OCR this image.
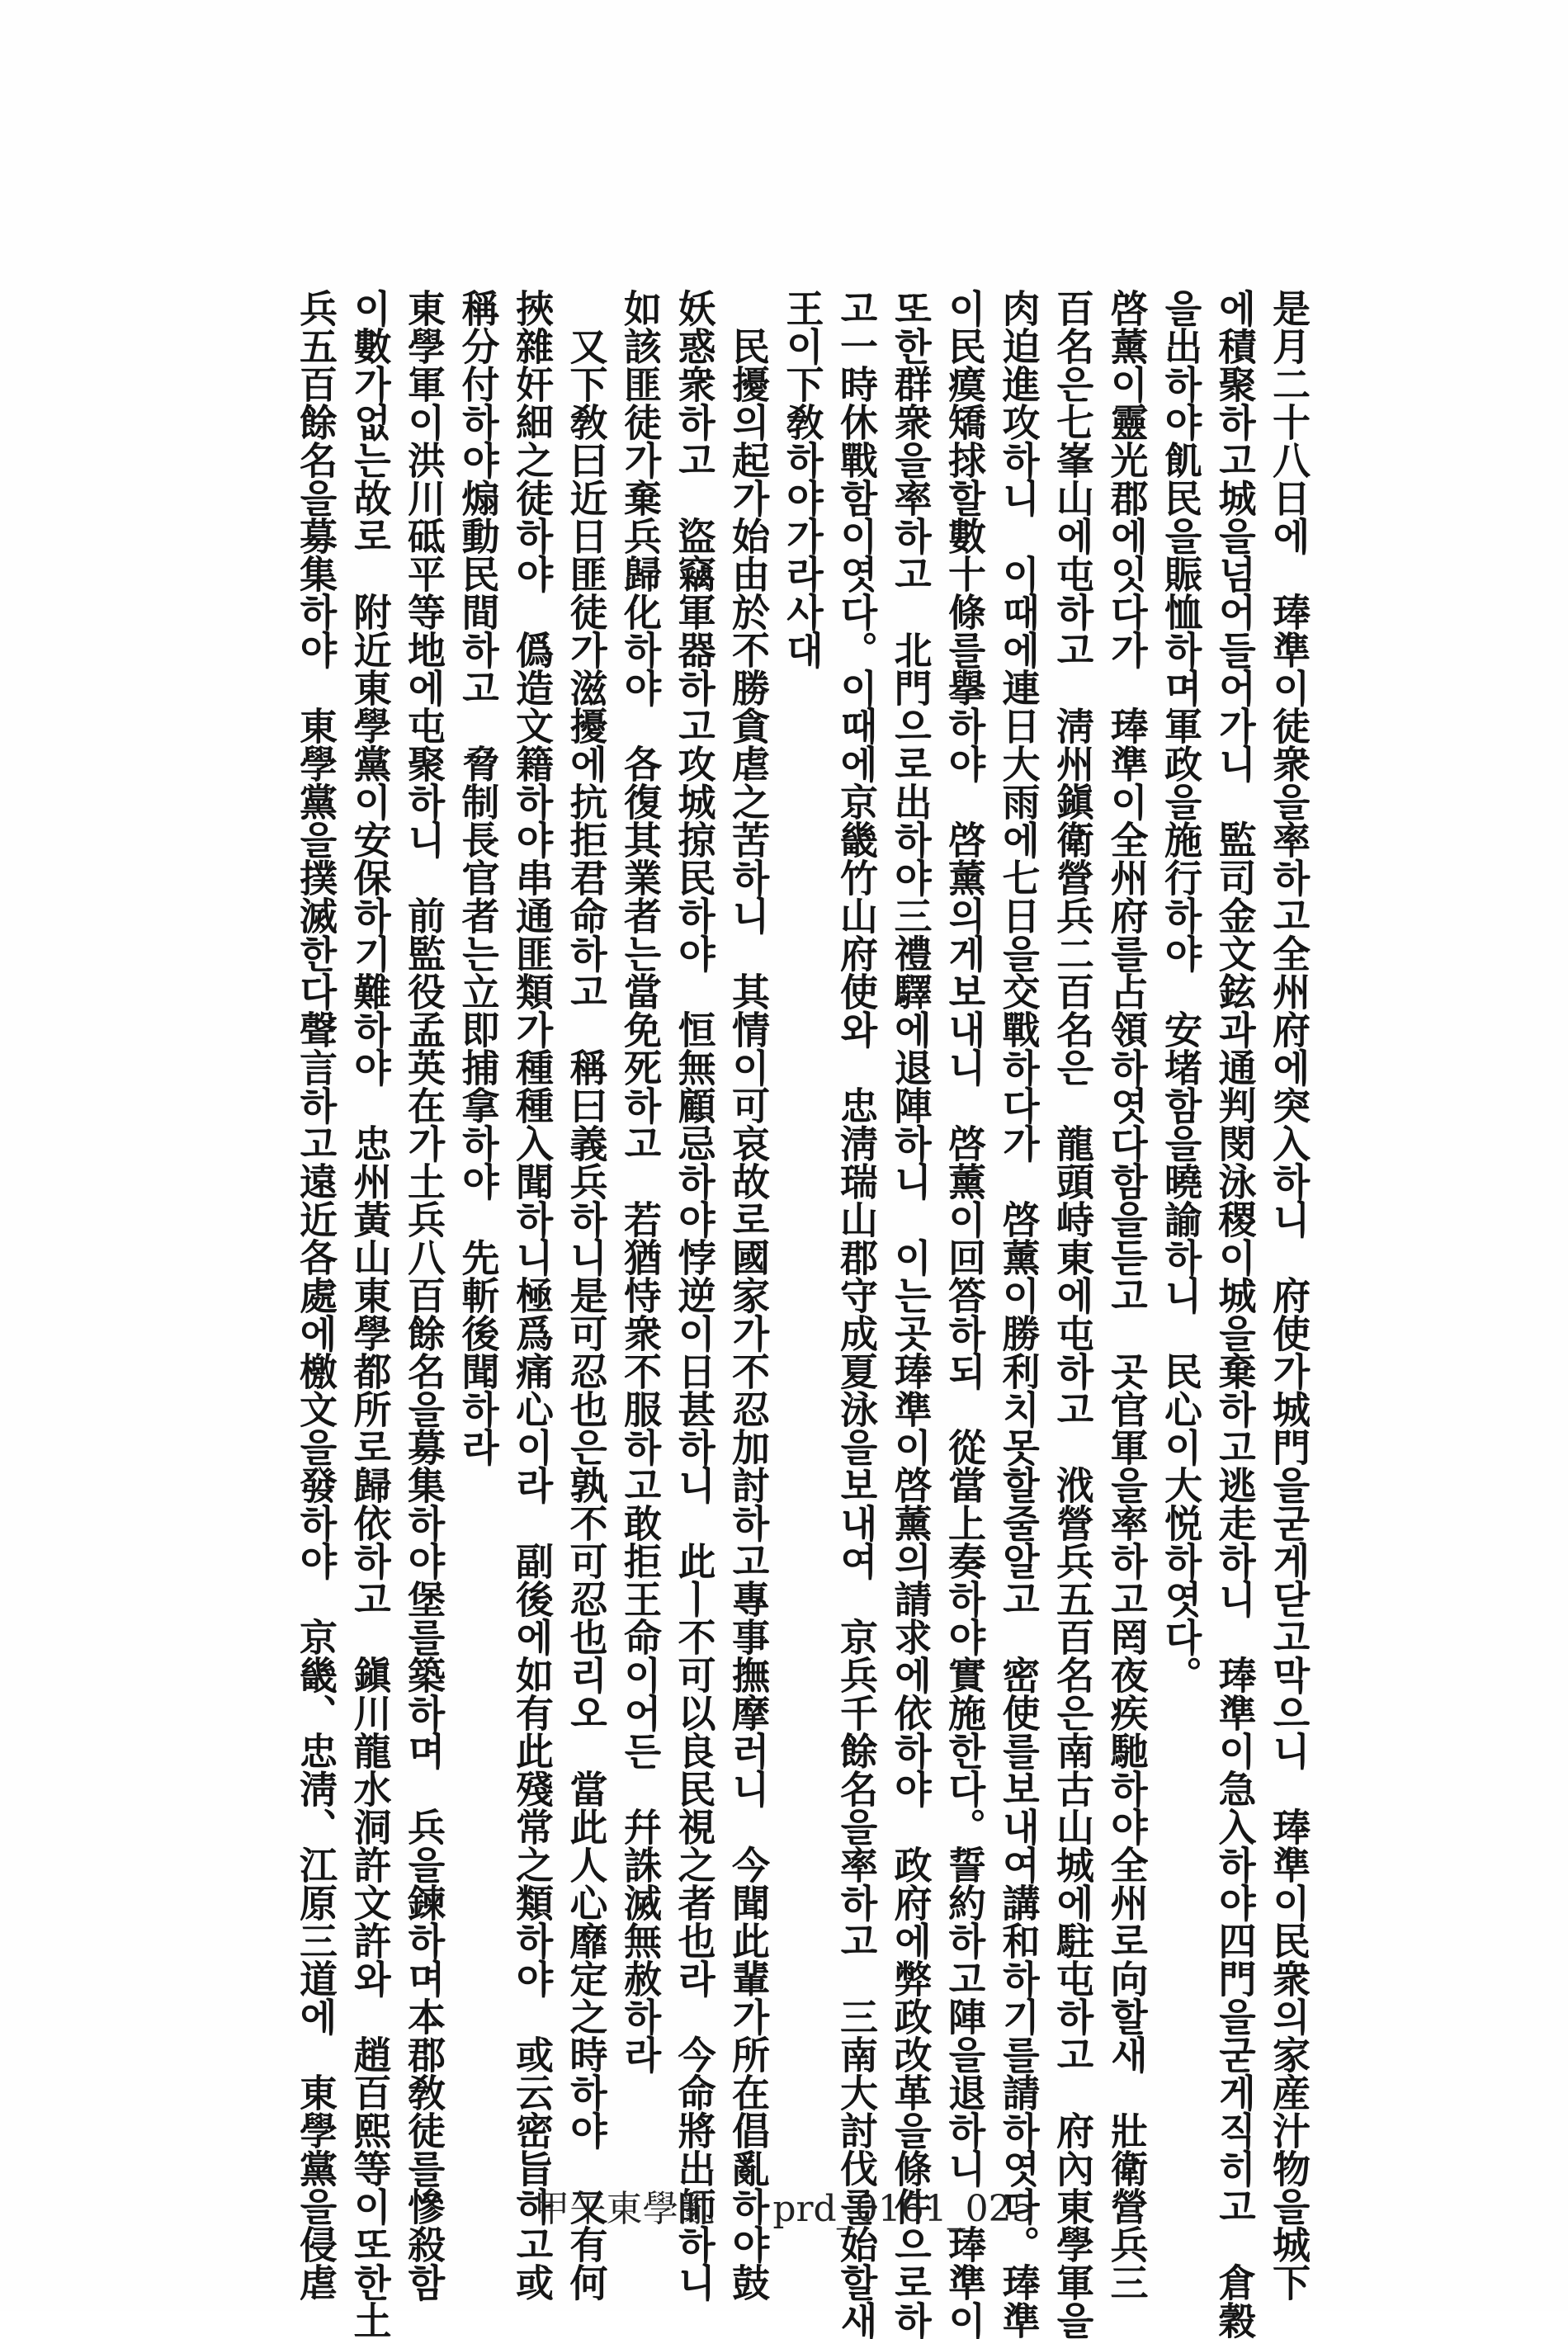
是月二十八日에　琫準이徒衆을率하고全州府에突入하니　府使가城門을굳게닫고막으니　琫準이民衆의家産汁物을城下
에積聚하고城을넘어들어가니　監司金文鉉과通判閔泳稷이城을棄하고逃走하니　琫準이急入하야四門을굳게직히고　倉穀
을出하야飢民을賑恤하며軍政을施行하야　安堵함을曉諭하니　民心이大悦하엿다。
啓薰이靈光郡에잇다가　琫準이全州府를占領하엿다함을듣고　곳官軍을率하고罔夜疾馳하야全州로向할새　壯衛營兵三
百名은七峯山에屯하고　淸州鎭衛營兵二百名은　龍頭峙東에屯하고　浌營兵五百名은南古山城에駐屯하고　府內東學軍을
肉迫進攻하니　이때에連日大雨에七日을交戰하다가　啓薰이勝利치못할줄알고　密使를보내여講和하기를請하엿다。琫準
이民瘼矯捄할數十條를擧하야　啓薰의게보내니　啓薰이回答하되　從當上奏하야實施한다。誓約하고陣을退하니　琫準이
또한群衆을率하고　北門으로出하야三禮驛에退陣하니　이는곳琫準이啓薰의請求에依하야　政府에弊政改革을條件으로하
고一時休戰함이엿다。이때에京畿竹山府使와　忠淸瑞山郡守成夏泳을보내여　京兵千餘名을率하고　三南大討伐를始할새
王이下敎하야가라사대
　民擾의起가始由於不勝貪虐之苦하니　其情이可哀故로國家가不忍加討하고專事撫摩러니　今聞此輩가所在倡亂하야鼓
妖惑衆하고　盜竊軍器하고攻城掠民하야　恒無顧忌하야悖逆이日甚하니　此ㅣ不可以良民視之者也라　今命將出師하니
如該匪徒가棄兵歸化하야　各復其業者는當免死하고　若猶恃衆不服하고敢拒王命이어든　幷誅滅無赦하라
　又下敎曰近日匪徒가滋擾에抗拒君命하고　稱曰義兵하니是可忍也은孰不可忍也리오　當此人心靡定之時하야　又有何
挾雜奸細之徒하야　僞造文籍하야串通匪類가種種入聞하니極爲痛心이라　副後에如有此殘常之類하야　或云密旨하고或
稱分付하야煽動民間하고　脅制長官者는立即捕拿하야　先斬後聞하라
東學軍이洪川砥平等地에屯聚하니　前監役孟英在가土兵八百餘名을募集하야堡를築하며　兵을鍊하며本郡敎徒를慘殺함
이數가없는故로　附近東學黨이安保하기難하야　忠州黃山東學都所로歸依하고　鎭川龍水洞許文許와　趙百熙等이또한土
兵五百餘名을募集하야　東學黨을撲滅한다聲言하고遠近各處에檄文을發하야　京畿、忠淸、江原三道에　東學黨을侵虐	甲午東學亂 prd_0161_025
